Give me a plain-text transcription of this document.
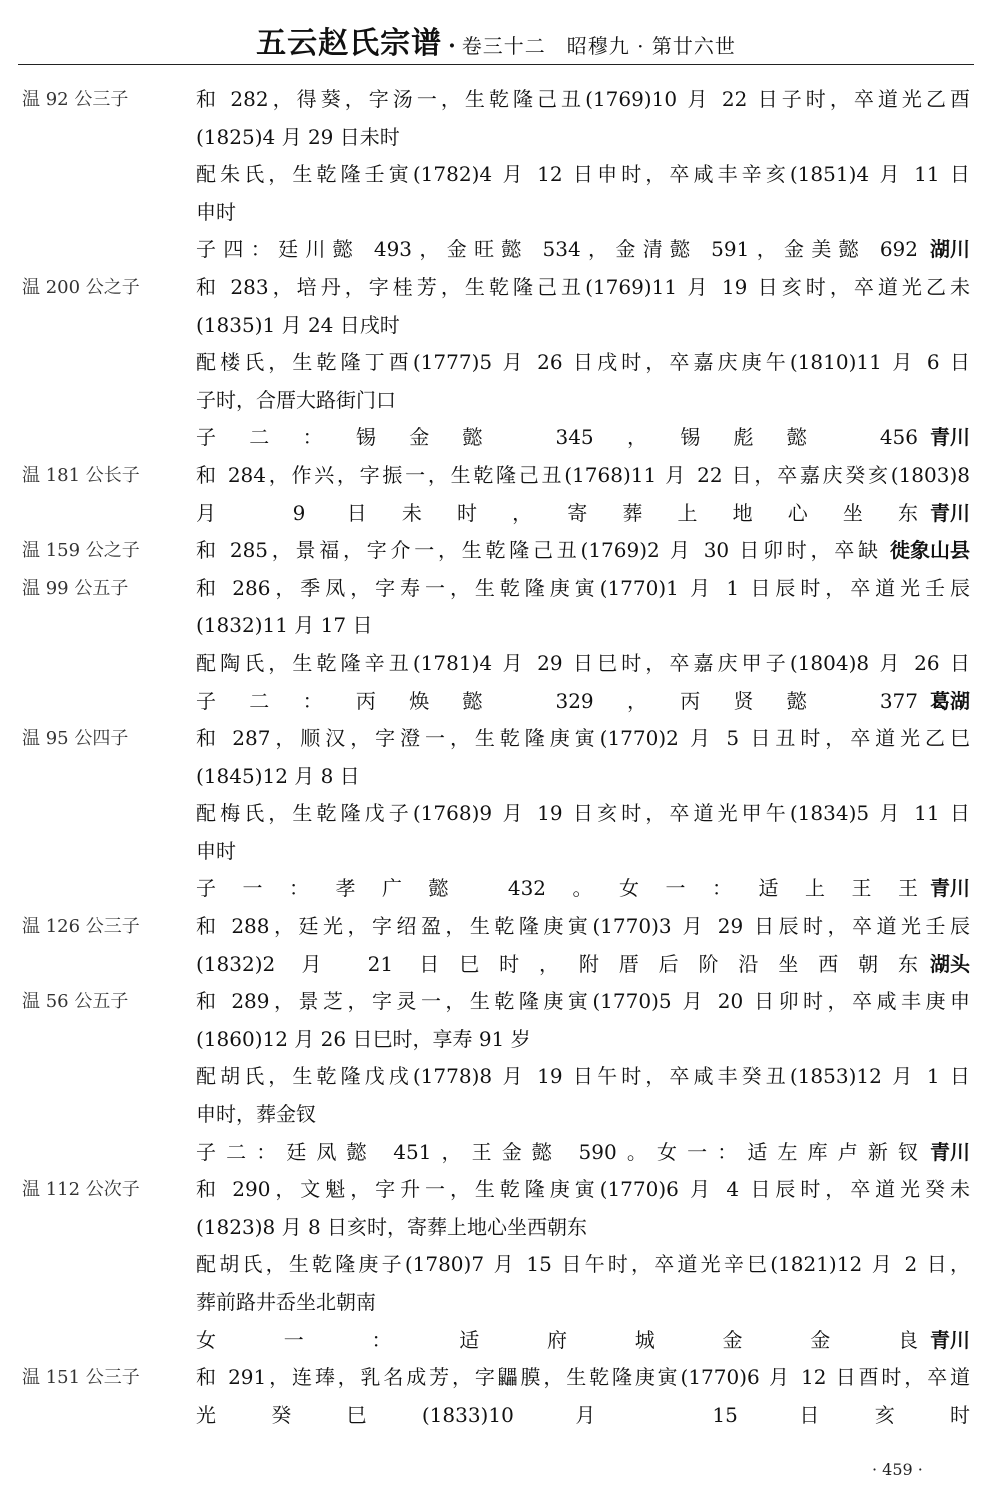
五云赵氏宗谱 · 卷三十二　昭穆九 · 第廿六世
温 92 公三子	和 282，得葵，字汤一，生乾隆己丑(1769)10 月 22 日子时，卒道光乙酉
(1825)4 月 29 日未时
配朱氏，生乾隆壬寅(1782)4 月 12 日申时，卒咸丰辛亥(1851)4 月 11 日
申时
子四：廷川懿 493，金旺懿 534，金清懿 591，金美懿 692 湖川
温 200 公之子	和 283，培丹，字桂芳，生乾隆己丑(1769)11 月 19 日亥时，卒道光乙未
(1835)1 月 24 日戌时
配楼氏，生乾隆丁酉(1777)5 月 26 日戌时，卒嘉庆庚午(1810)11 月 6 日
子时，合厝大路街门口
子二：锡金懿 345，锡彪懿 456 青川
温 181 公长子	和 284，作兴，字振一，生乾隆己丑(1768)11 月 22 日，卒嘉庆癸亥(1803)8
月 9 日未时，寄葬上地心坐东 青川
温 159 公之子	和 285，景福，字介一，生乾隆己丑(1769)2 月 30 日卯时，卒缺 徙象山县
温 99 公五子	和 286，季凤，字寿一，生乾隆庚寅(1770)1 月 1 日辰时，卒道光壬辰
(1832)11 月 17 日
配陶氏，生乾隆辛丑(1781)4 月 29 日巳时，卒嘉庆甲子(1804)8 月 26 日
子二：丙焕懿 329，丙贤懿 377 葛湖
温 95 公四子	和 287，顺汉，字澄一，生乾隆庚寅(1770)2 月 5 日丑时，卒道光乙巳
(1845)12 月 8 日
配梅氏，生乾隆戊子(1768)9 月 19 日亥时，卒道光甲午(1834)5 月 11 日
申时
子一：孝广懿 432。女一：适上王王 青川
温 126 公三子	和 288，廷光，字绍盈，生乾隆庚寅(1770)3 月 29 日辰时，卒道光壬辰
(1832)2 月 21 日巳时，附厝后阶沿坐西朝东 湖头
温 56 公五子	和 289，景芝，字灵一，生乾隆庚寅(1770)5 月 20 日卯时，卒咸丰庚申
(1860)12 月 26 日巳时，享寿 91 岁
配胡氏，生乾隆戊戌(1778)8 月 19 日午时，卒咸丰癸丑(1853)12 月 1 日
申时，葬金钗
子二：廷凤懿 451，王金懿 590。女一：适左库卢新钗 青川
温 112 公次子	和 290，文魁，字升一，生乾隆庚寅(1770)6 月 4 日辰时，卒道光癸未
(1823)8 月 8 日亥时，寄葬上地心坐西朝东
配胡氏，生乾隆庚子(1780)7 月 15 日午时，卒道光辛巳(1821)12 月 2 日，
葬前路井岙坐北朝南
女一：适府城金金良 青川
温 151 公三子	和 291，连琫，乳名成芳，字鼺膜，生乾隆庚寅(1770)6 月 12 日酉时，卒道
光癸巳(1833)10 月 15 日亥时
· 459 ·
